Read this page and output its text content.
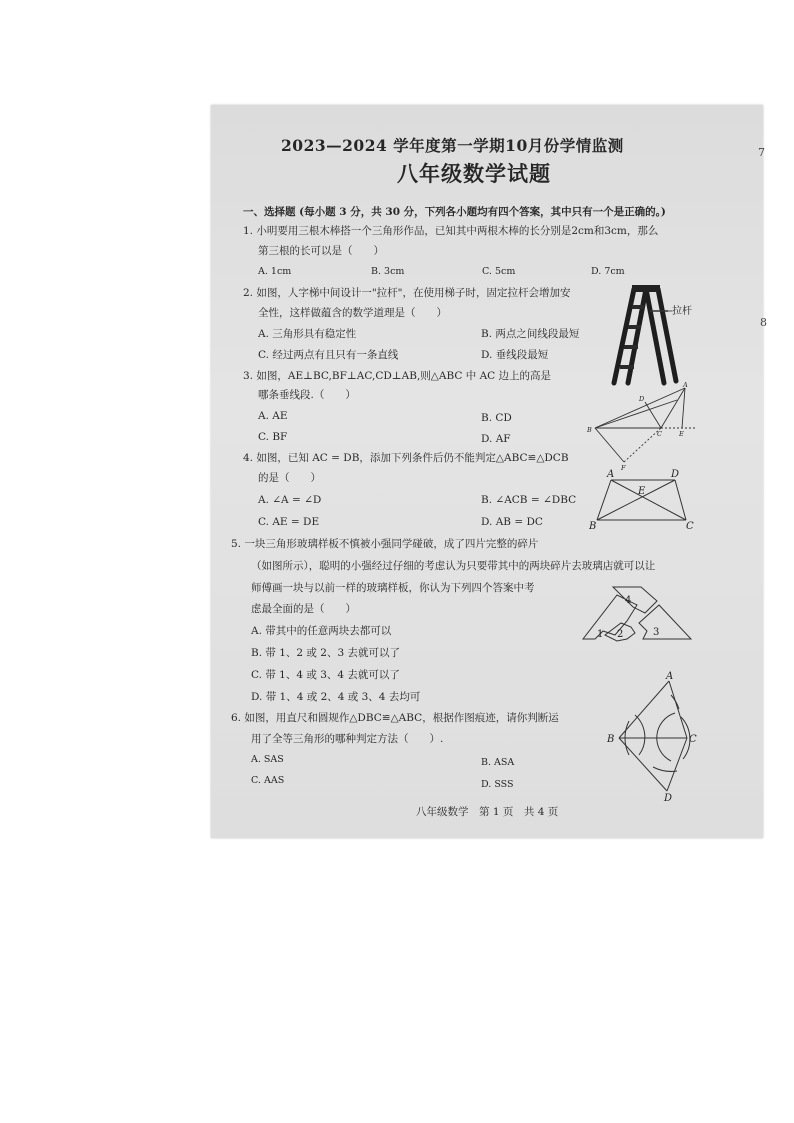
2023—2024 学年度第一学期10月份学情监测
八年级数学试题
一、选择题 (每小题 3 分，共 30 分，下列各小题均有四个答案，其中只有一个是正确的。)
1. 小明要用三根木棒搭一个三角形作品，已知其中两根木棒的长分别是2cm和3cm，那么
第三根的长可以是（　　）
A. 1cm	B. 3cm	C. 5cm	D. 7cm
2. 如图，人字梯中间设计一"拉杆"，在使用梯子时，固定拉杆会增加安
全性，这样做蕴含的数学道理是（　　）
A. 三角形具有稳定性	B. 两点之间线段最短
C. 经过两点有且只有一条直线	D. 垂线段最短
拉杆
3. 如图，AE⊥BC,BF⊥AC,CD⊥AB,则△ABC 中 AC 边上的高是
哪条垂线段.（　　）
A. AE	B. CD
C. BF	D. AF
A
D
B	C	E
F
4. 如图，已知 AC = DB，添加下列条件后仍不能判定△ABC≌△DCB
的是（　　）
A. ∠A = ∠D	B. ∠ACB = ∠DBC
C. AE = DE	D. AB = DC
A	D
E
B	C
5. 一块三角形玻璃样板不慎被小强同学碰破，成了四片完整的碎片
（如图所示），聪明的小强经过仔细的考虑认为只要带其中的两块碎片去玻璃店就可以让
师傅画一块与以前一样的玻璃样板，你认为下列四个答案中考
虑最全面的是（　　）
A. 带其中的任意两块去都可以
B. 带 1、2 或 2、3 去就可以了
C. 带 1、4 或 3、4 去就可以了
D. 带 1、4 或 2、4 或 3、4 去均可
4
1 2	3
6. 如图，用直尺和圆规作△DBC≌△ABC，根据作图痕迹，请你判断运
用了全等三角形的哪种判定方法（　　）.
A. SAS	B. ASA
C. AAS	D. SSS
A
B	C
D
八年级数学　第 1 页　共 4 页
7
8
